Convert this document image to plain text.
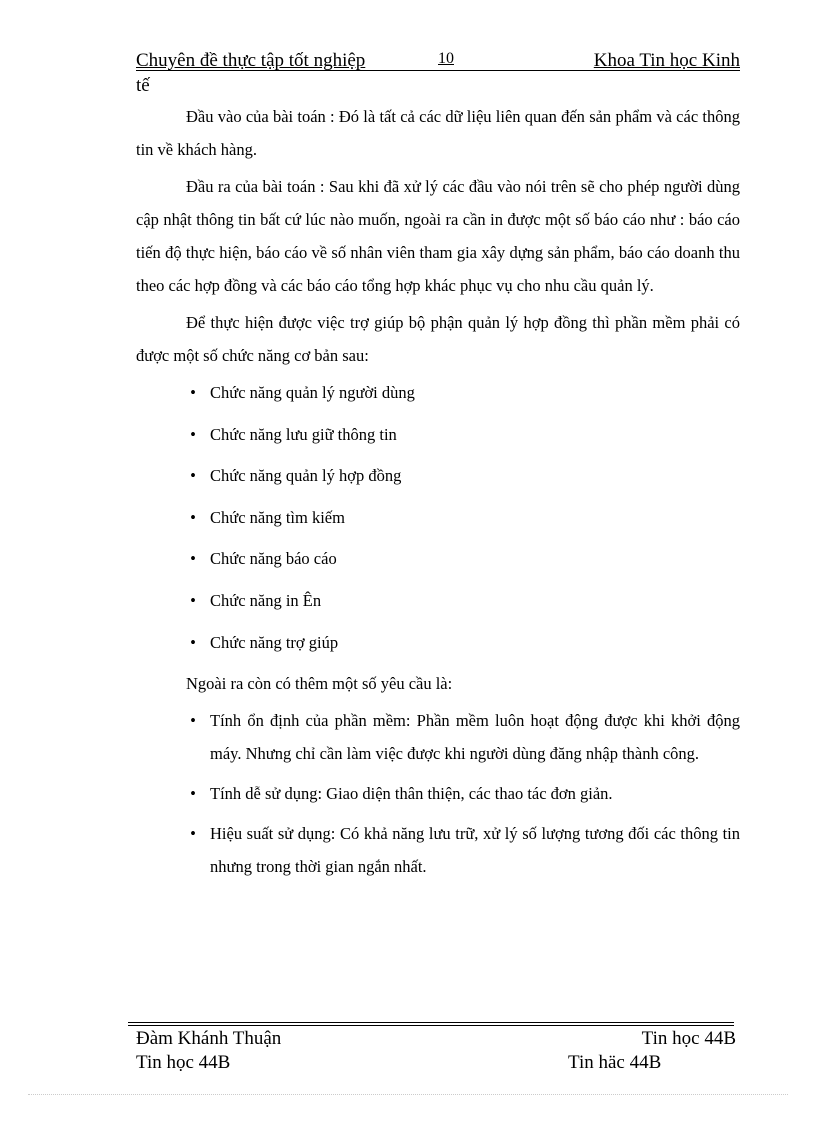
Chuyên đề thực tập tốt nghiệp	10	Khoa Tin học Kinh
tế

Đầu vào của bài toán : Đó là tất cả các dữ liệu liên quan đến sản phẩm và các thông tin về khách hàng.

Đầu ra của bài toán : Sau khi đã xử lý các đầu vào nói trên sẽ cho phép người dùng cập nhật thông tin bất cứ lúc nào muốn, ngoài ra cần in được một số báo cáo như : báo cáo tiến độ thực hiện, báo cáo về số nhân viên tham gia xây dựng sản phẩm, báo cáo doanh thu theo các hợp đồng và các báo cáo tổng hợp khác phục vụ cho nhu cầu quản lý.

Để thực hiện được việc trợ giúp bộ phận quản lý hợp đồng thì phần mềm phải có được một số chức năng cơ bản sau:

• Chức năng quản lý người dùng
• Chức năng lưu giữ thông tin
• Chức năng quản lý hợp đồng
• Chức năng tìm kiếm
• Chức năng báo cáo
• Chức năng in Ên
• Chức năng trợ giúp

Ngoài ra còn có thêm một số yêu cầu là:

• Tính ổn định của phần mềm: Phần mềm luôn hoạt động được khi khởi động máy. Nhưng chỉ cần làm việc được khi người dùng đăng nhập thành công.
• Tính dễ sử dụng: Giao diện thân thiện, các thao tác đơn giản.
• Hiệu suất sử dụng: Có khả năng lưu trữ, xử lý số lượng tương đối các thông tin nhưng trong thời gian ngắn nhất.
Đàm Khánh Thuận	Tin học 44B
Tin học 44B	Tin häc 44B
